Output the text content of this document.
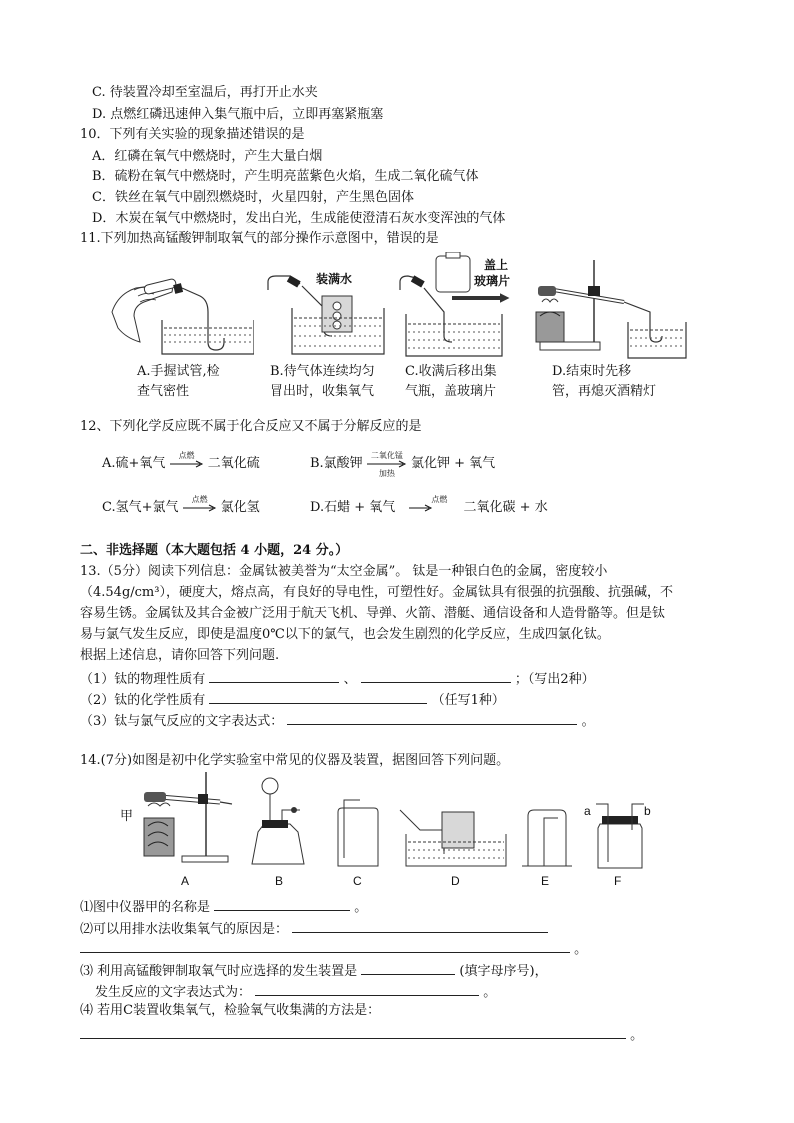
C. 待装置冷却至室温后，再打开止水夹
D. 点燃红磷迅速伸入集气瓶中后，立即再塞紧瓶塞
10．下列有关实验的现象描述错误的是
A．红磷在氧气中燃烧时，产生大量白烟
B．硫粉在氧气中燃烧时，产生明亮蓝紫色火焰，生成二氧化硫气体
C．铁丝在氧气中剧烈燃烧时，火星四射，产生黑色固体
D．木炭在氧气中燃烧时，发出白光，生成能使澄清石灰水变浑浊的气体
11.下列加热高锰酸钾制取氧气的部分操作示意图中，错误的是
A.手握试管,检
查气密性
装满水
B.待气体连续均匀
冒出时，收集氧气
盖上
玻璃片
C.收满后移出集
气瓶，盖玻璃片
D.结束时先移
管，再熄灭酒精灯
12、下列化学反应既不属于化合反应又不属于分解反应的是
A.硫+氧气
点燃
二氧化硫	B.氯酸钾
二氧化锰
加热
氯化钾 + 氧气
C.氢气+氯气
点燃
氯化氢	D.石蜡 + 氧气
点燃
二氧化碳 + 水
二、非选择题（本大题包括 4 小题，24 分。）
13.（5分）阅读下列信息：金属钛被美誉为“太空金属”。 钛是一种银白色的金属，密度较小
（4.54g/cm³），硬度大，熔点高，有良好的导电性，可塑性好。金属钛具有很强的抗强酸、抗强碱，不
容易生锈。金属钛及其合金被广泛用于航天飞机、导弹、火箭、潜艇、通信设备和人造骨骼等。但是钛
易与氯气发生反应，即使是温度0℃以下的氯气，也会发生剧烈的化学反应，生成四氯化钛。
根据上述信息，请你回答下列问题.
（1）钛的物理性质有	、	；（写出2种）
（2）钛的化学性质有	（任写1种）
（3）钛与氯气反应的文字表达式：	。
14.(7分)如图是初中化学实验室中常见的仪器及装置，据图回答下列问题。
甲	a	b
A	B	C	D	E	F
⑴图中仪器甲的名称是	。
⑵可以用排水法收集氧气的原因是：
。
⑶ 利用高锰酸钾制取氧气时应选择的发生装置是	(填字母序号)，
发生反应的文字表达式为：	。
⑷ 若用C装置收集氧气，检验氧气收集满的方法是：
。
